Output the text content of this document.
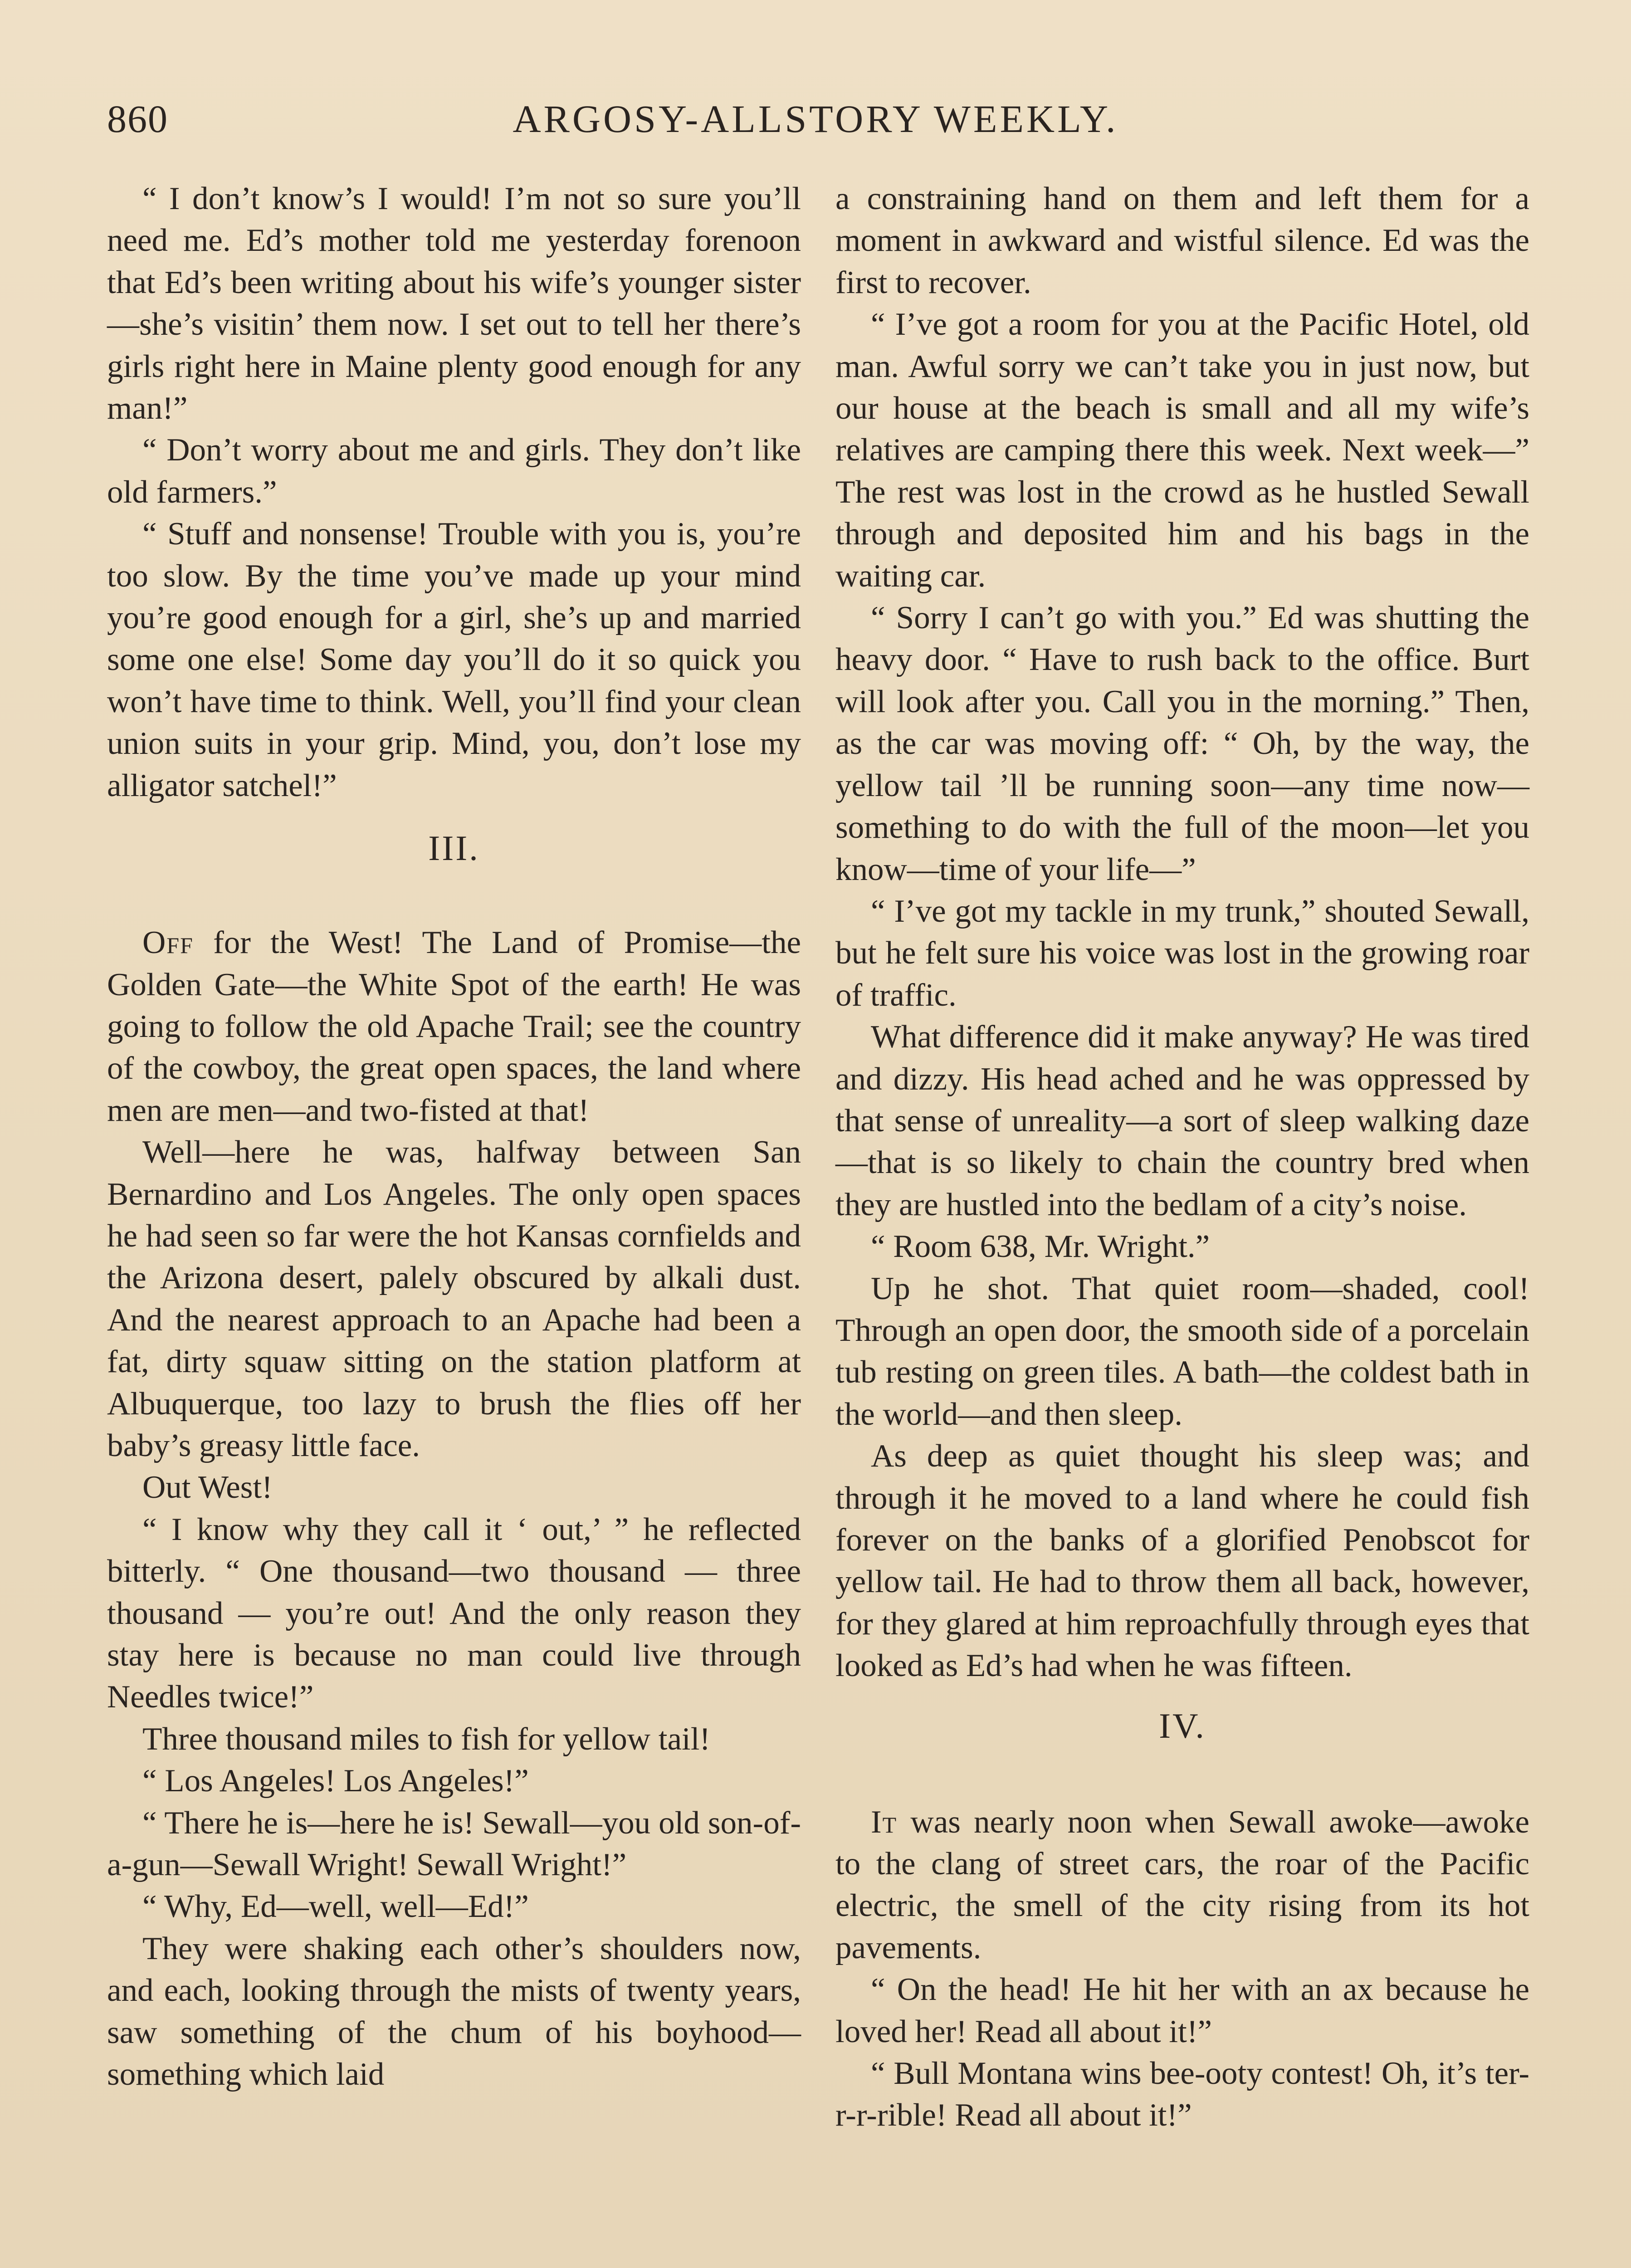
860	ARGOSY-ALLSTORY WEEKLY.

“ I don’t know’s I would! I’m not so sure you’ll need me. Ed’s mother told me yesterday forenoon that Ed’s been writing about his wife’s younger sister—she’s visitin’ them now. I set out to tell her there’s girls right here in Maine plenty good enough for any man!”

“ Don’t worry about me and girls. They don’t like old farmers.”

“ Stuff and nonsense! Trouble with you is, you’re too slow. By the time you’ve made up your mind you’re good enough for a girl, she’s up and married some one else! Some day you’ll do it so quick you won’t have time to think. Well, you’ll find your clean union suits in your grip. Mind, you, don’t lose my alligator satchel!”

III.

Off for the West! The Land of Promise—the Golden Gate—the White Spot of the earth! He was going to follow the old Apache Trail; see the country of the cowboy, the great open spaces, the land where men are men—and two-fisted at that!

Well—here he was, halfway between San Bernardino and Los Angeles. The only open spaces he had seen so far were the hot Kansas cornfields and the Arizona desert, palely obscured by alkali dust. And the nearest approach to an Apache had been a fat, dirty squaw sitting on the station platform at Albuquerque, too lazy to brush the flies off her baby’s greasy little face.

Out West!

“ I know why they call it ‘ out,’ ” he reflected bitterly. “ One thousand—two thousand — three thousand — you’re out! And the only reason they stay here is because no man could live through Needles twice!”

Three thousand miles to fish for yellow tail!

“ Los Angeles! Los Angeles!”

“ There he is—here he is! Sewall—you old son-of-a-gun—Sewall Wright! Sewall Wright!”

“ Why, Ed—well, well—Ed!”

They were shaking each other’s shoulders now, and each, looking through the mists of twenty years, saw something of the chum of his boyhood—something which laid

a constraining hand on them and left them for a moment in awkward and wistful silence. Ed was the first to recover.

“ I’ve got a room for you at the Pacific Hotel, old man. Awful sorry we can’t take you in just now, but our house at the beach is small and all my wife’s relatives are camping there this week. Next week—” The rest was lost in the crowd as he hustled Sewall through and deposited him and his bags in the waiting car.

“ Sorry I can’t go with you.” Ed was shutting the heavy door. “ Have to rush back to the office. Burt will look after you. Call you in the morning.” Then, as the car was moving off: “ Oh, by the way, the yellow tail ’ll be running soon—any time now—something to do with the full of the moon—let you know—time of your life—”

“ I’ve got my tackle in my trunk,” shouted Sewall, but he felt sure his voice was lost in the growing roar of traffic.

What difference did it make anyway? He was tired and dizzy. His head ached and he was oppressed by that sense of unreality—a sort of sleep walking daze—that is so likely to chain the country bred when they are hustled into the bedlam of a city’s noise.

“ Room 638, Mr. Wright.”

Up he shot. That quiet room—shaded, cool! Through an open door, the smooth side of a porcelain tub resting on green tiles. A bath—the coldest bath in the world—and then sleep.

As deep as quiet thought his sleep was; and through it he moved to a land where he could fish forever on the banks of a glorified Penobscot for yellow tail. He had to throw them all back, however, for they glared at him reproachfully through eyes that looked as Ed’s had when he was fifteen.

IV.

It was nearly noon when Sewall awoke—awoke to the clang of street cars, the roar of the Pacific electric, the smell of the city rising from its hot pavements.

“ On the head! He hit her with an ax because he loved her! Read all about it!”

“ Bull Montana wins bee-ooty contest! Oh, it’s ter-r-r-rible! Read all about it!”
